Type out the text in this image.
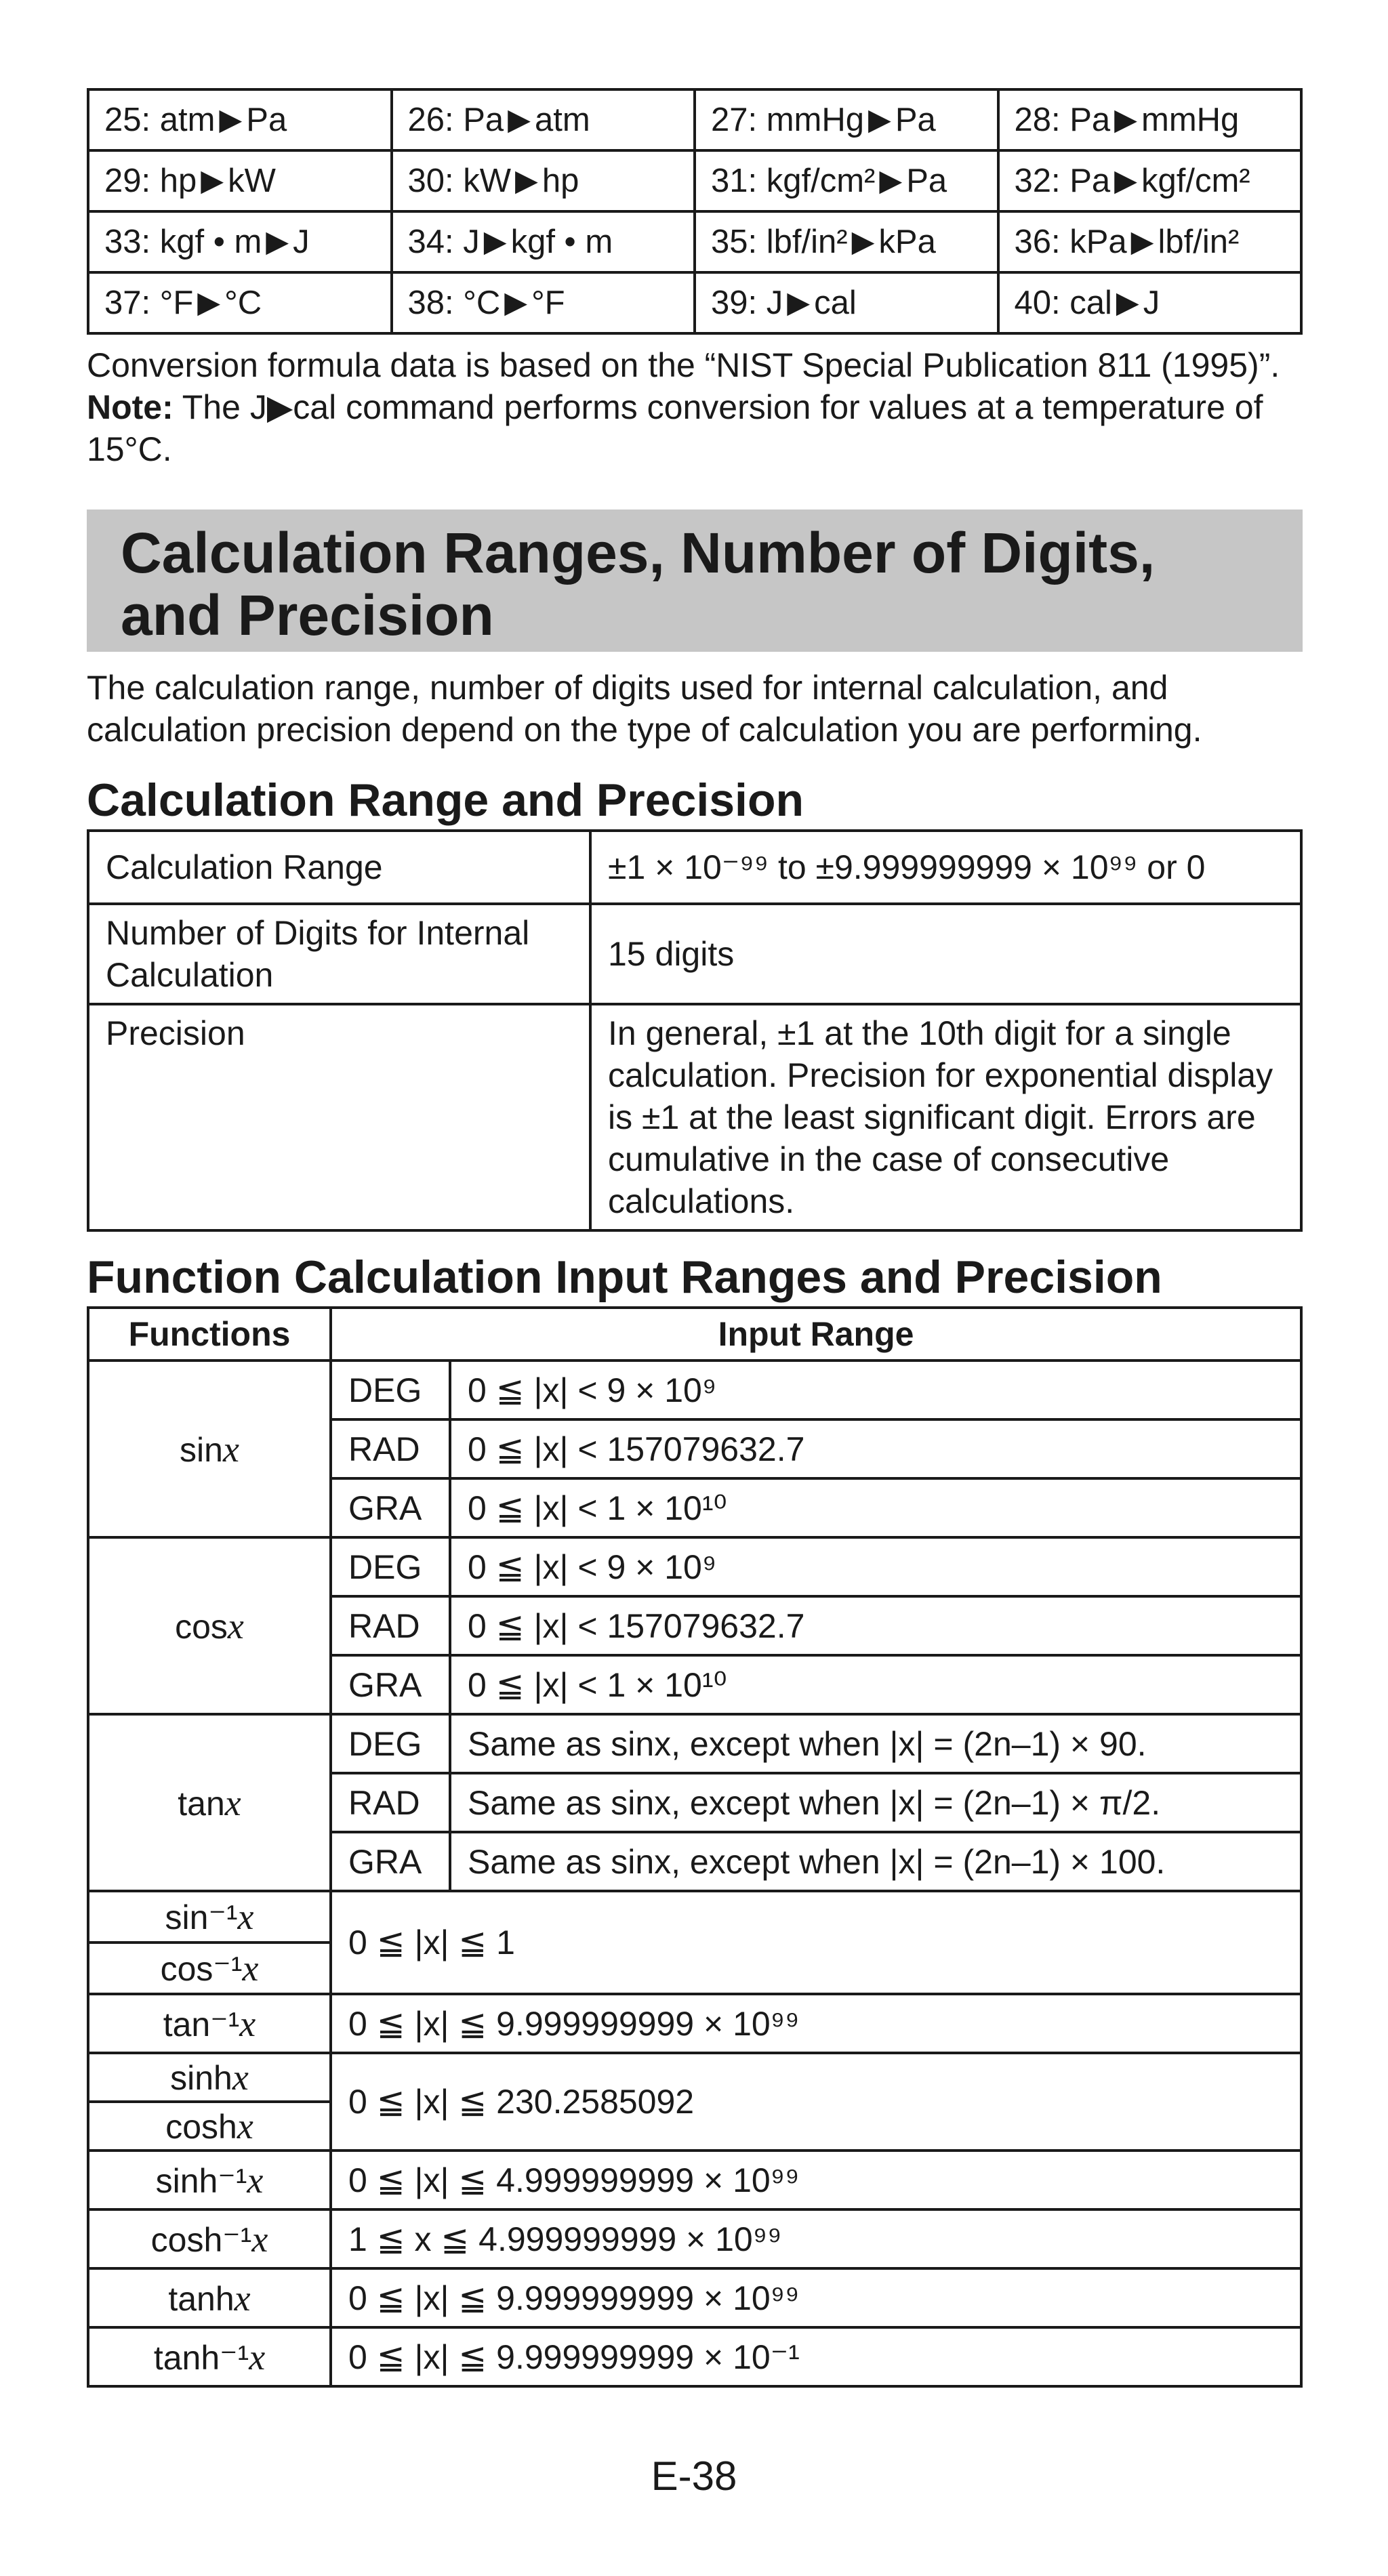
25: atm ▶ Pa	26: Pa ▶ atm	27: mmHg ▶ Pa	28: Pa ▶ mmHg
29: hp ▶ kW	30: kW ▶ hp	31: kgf/cm² ▶ Pa	32: Pa ▶ kgf/cm²
33: kgf • m ▶ J	34: J ▶ kgf • m	35: lbf/in² ▶ kPa	36: kPa ▶ lbf/in²
37: °F ▶ °C	38: °C ▶ °F	39: J ▶ cal	40: cal ▶ J
Conversion formula data is based on the “NIST Special Publication 811 (1995)”.
Note: The J▶cal command performs conversion for values at a temperature of 15°C.
Calculation Ranges, Number of Digits,
and Precision
The calculation range, number of digits used for internal calculation, and calculation precision depend on the type of calculation you are performing.
Calculation Range and Precision
Calculation Range	±1 × 10⁻⁹⁹ to ±9.999999999 × 10⁹⁹ or 0
Number of Digits for Internal Calculation	15 digits
Precision	In general, ±1 at the 10th digit for a single calculation. Precision for exponential display is ±1 at the least significant digit. Errors are cumulative in the case of consecutive calculations.
Function Calculation Input Ranges and Precision
Functions	Input Range	
sinx	DEG	0 ≦ |x| < 9 × 10⁹
	RAD	0 ≦ |x| < 157079632.7
	GRA	0 ≦ |x| < 1 × 10¹⁰
cosx	DEG	0 ≦ |x| < 9 × 10⁹
	RAD	0 ≦ |x| < 157079632.7
	GRA	0 ≦ |x| < 1 × 10¹⁰
tanx	DEG	Same as sinx, except when |x| = (2n–1) × 90.
	RAD	Same as sinx, except when |x| = (2n–1) × π/2.
	GRA	Same as sinx, except when |x| = (2n–1) × 100.
sin⁻¹x	0 ≦ |x| ≦ 1	
cos⁻¹x		
tan⁻¹x	0 ≦ |x| ≦ 9.999999999 × 10⁹⁹	
sinhx	0 ≦ |x| ≦ 230.2585092	
coshx		
sinh⁻¹x	0 ≦ |x| ≦ 4.999999999 × 10⁹⁹	
cosh⁻¹x	1 ≦ x ≦ 4.999999999 × 10⁹⁹	
tanhx	0 ≦ |x| ≦ 9.999999999 × 10⁹⁹	
tanh⁻¹x	0 ≦ |x| ≦ 9.999999999 × 10⁻¹	
E-38
